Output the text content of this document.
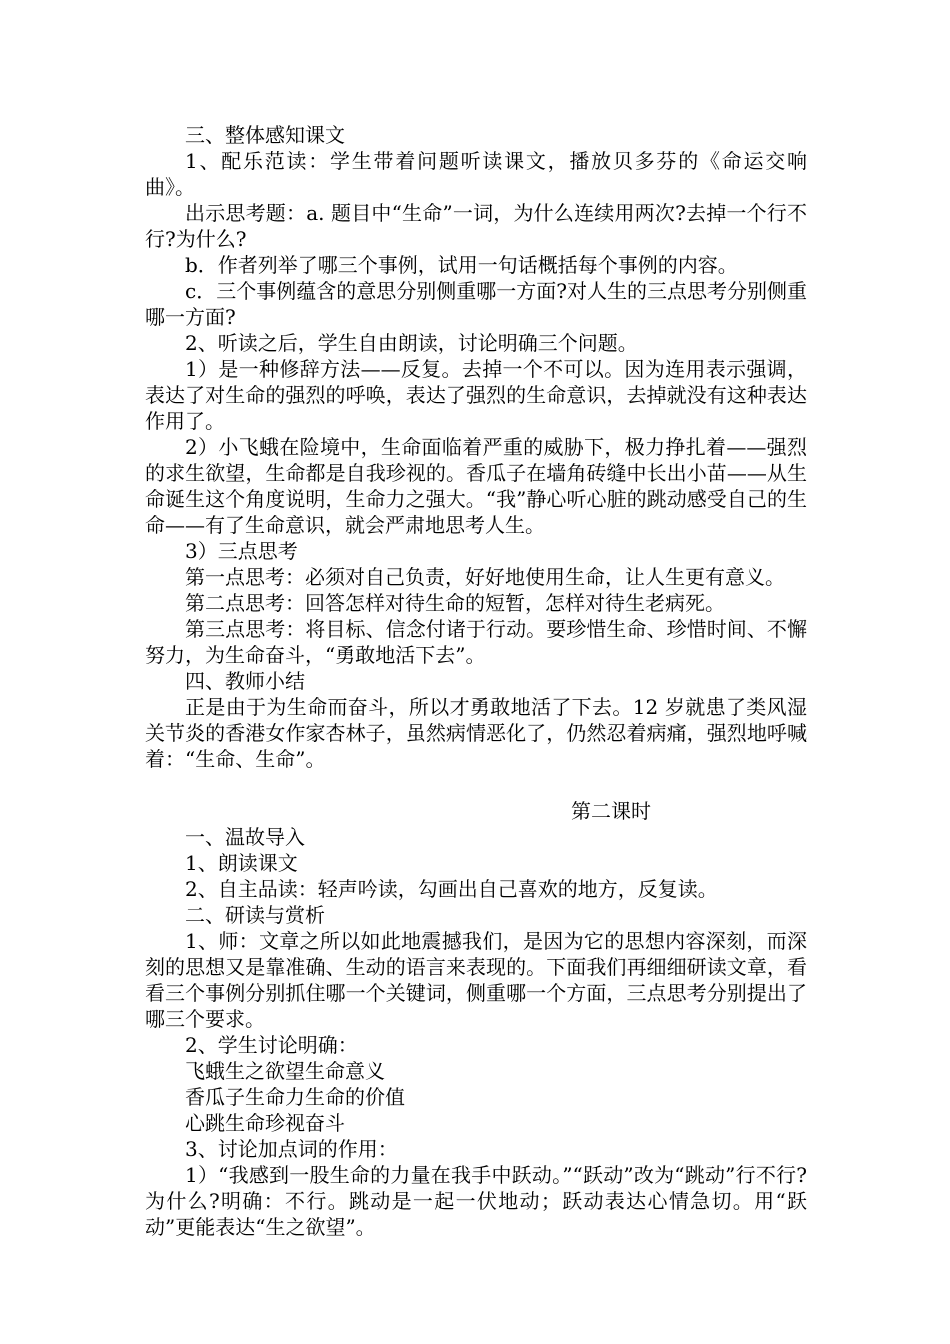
三、整体感知课文

1、配乐范读：学生带着问题听读课文，播放贝多芬的《命运交响曲》。

出示思考题：a. 题目中“生命”一词，为什么连续用两次?去掉一个行不行?为什么?

b．作者列举了哪三个事例，试用一句话概括每个事例的内容。

c．三个事例蕴含的意思分别侧重哪一方面?对人生的三点思考分别侧重哪一方面?

2、听读之后，学生自由朗读，讨论明确三个问题。

1）是一种修辞方法——反复。去掉一个不可以。因为连用表示强调，表达了对生命的强烈的呼唤，表达了强烈的生命意识，去掉就没有这种表达作用了。

2）小飞蛾在险境中，生命面临着严重的威胁下，极力挣扎着——强烈的求生欲望，生命都是自我珍视的。香瓜子在墙角砖缝中长出小苗——从生命诞生这个角度说明，生命力之强大。“我”静心听心脏的跳动感受自己的生命——有了生命意识，就会严肃地思考人生。

3）三点思考

第一点思考：必须对自己负责，好好地使用生命，让人生更有意义。

第二点思考：回答怎样对待生命的短暂，怎样对待生老病死。

第三点思考：将目标、信念付诸于行动。要珍惜生命、珍惜时间、不懈努力，为生命奋斗，“勇敢地活下去”。

四、教师小结

正是由于为生命而奋斗，所以才勇敢地活了下去。12 岁就患了类风湿关节炎的香港女作家杏林子，虽然病情恶化了，仍然忍着病痛，强烈地呼喊着：“生命、生命”。

第二课时

一、温故导入

1、朗读课文

2、自主品读：轻声吟读，勾画出自己喜欢的地方，反复读。

二、研读与赏析

1、师：文章之所以如此地震撼我们，是因为它的思想内容深刻，而深刻的思想又是靠准确、生动的语言来表现的。下面我们再细细研读文章，看看三个事例分别抓住哪一个关键词，侧重哪一个方面，三点思考分别提出了哪三个要求。

2、学生讨论明确：

飞蛾生之欲望生命意义

香瓜子生命力生命的价值

心跳生命珍视奋斗

3、讨论加点词的作用：

1）“我感到一股生命的力量在我手中跃动。”“跃动”改为“跳动”行不行?为什么?明确：不行。跳动是一起一伏地动；跃动表达心情急切。用“跃动”更能表达“生之欲望”。
